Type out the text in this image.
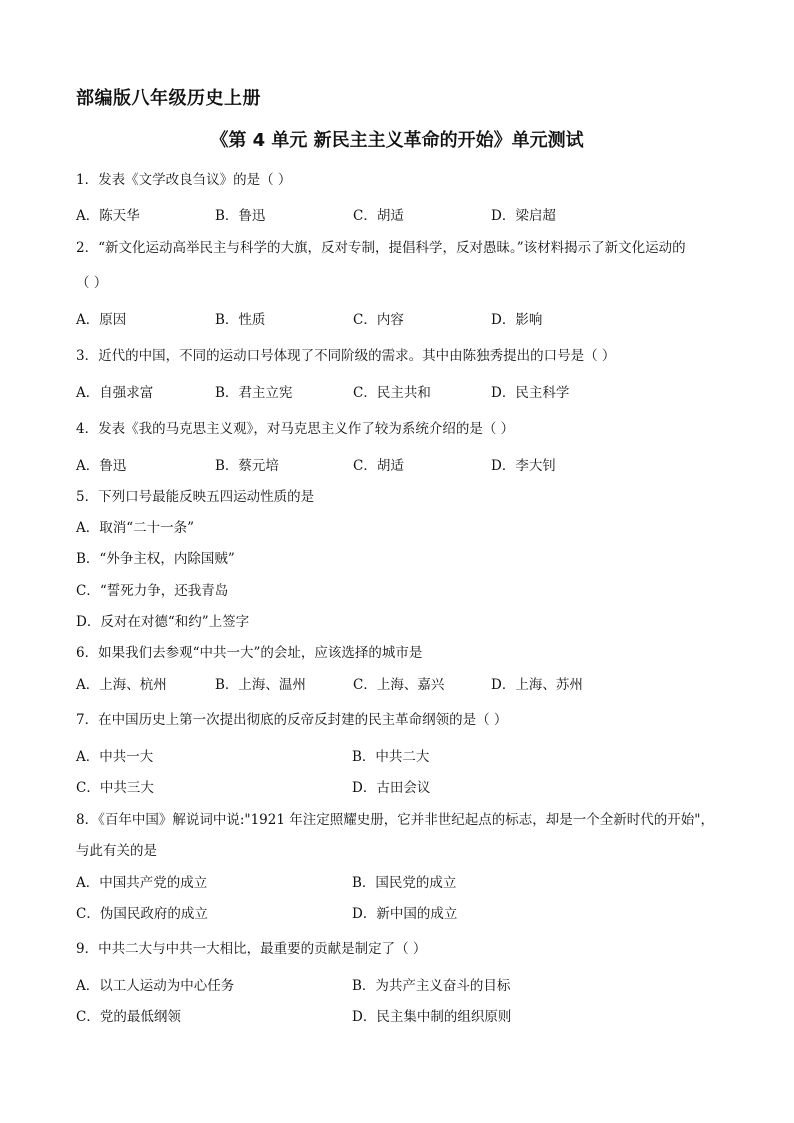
部编版八年级历史上册
《第 4 单元 新民主主义革命的开始》单元测试
1．发表《文学改良刍议》的是（ ）
A．陈天华	B．鲁迅	C．胡适	D．梁启超
2．“新文化运动高举民主与科学的大旗，反对专制，提倡科学，反对愚昧。”该材料揭示了新文化运动的
（ ）
A．原因	B．性质	C．内容	D．影响
3．近代的中国，不同的运动口号体现了不同阶级的需求。其中由陈独秀提出的口号是（ ）
A．自强求富	B．君主立宪	C．民主共和	D．民主科学
4．发表《我的马克思主义观》，对马克思主义作了较为系统介绍的是（ ）
A．鲁迅	B．蔡元培	C．胡适	D．李大钊
5．下列口号最能反映五四运动性质的是
A．取消“二十一条”
B．“外争主权，内除国贼”
C．“誓死力争，还我青岛
D．反对在对德“和约”上签字
6．如果我们去参观“中共一大”的会址，应该选择的城市是
A．上海、杭州	B．上海、温州	C．上海、嘉兴	D．上海、苏州
7．在中国历史上第一次提出彻底的反帝反封建的民主革命纲领的是（ ）
A．中共一大	B．中共二大
C．中共三大	D．古田会议
8．《百年中国》解说词中说:"1921 年注定照耀史册，它并非世纪起点的标志，却是一个全新时代的开始"，
与此有关的是
A．中国共产党的成立	B．国民党的成立
C．伪国民政府的成立	D．新中国的成立
9．中共二大与中共一大相比，最重要的贡献是制定了（ ）
A．以工人运动为中心任务	B．为共产主义奋斗的目标
C．党的最低纲领	D．民主集中制的组织原则
